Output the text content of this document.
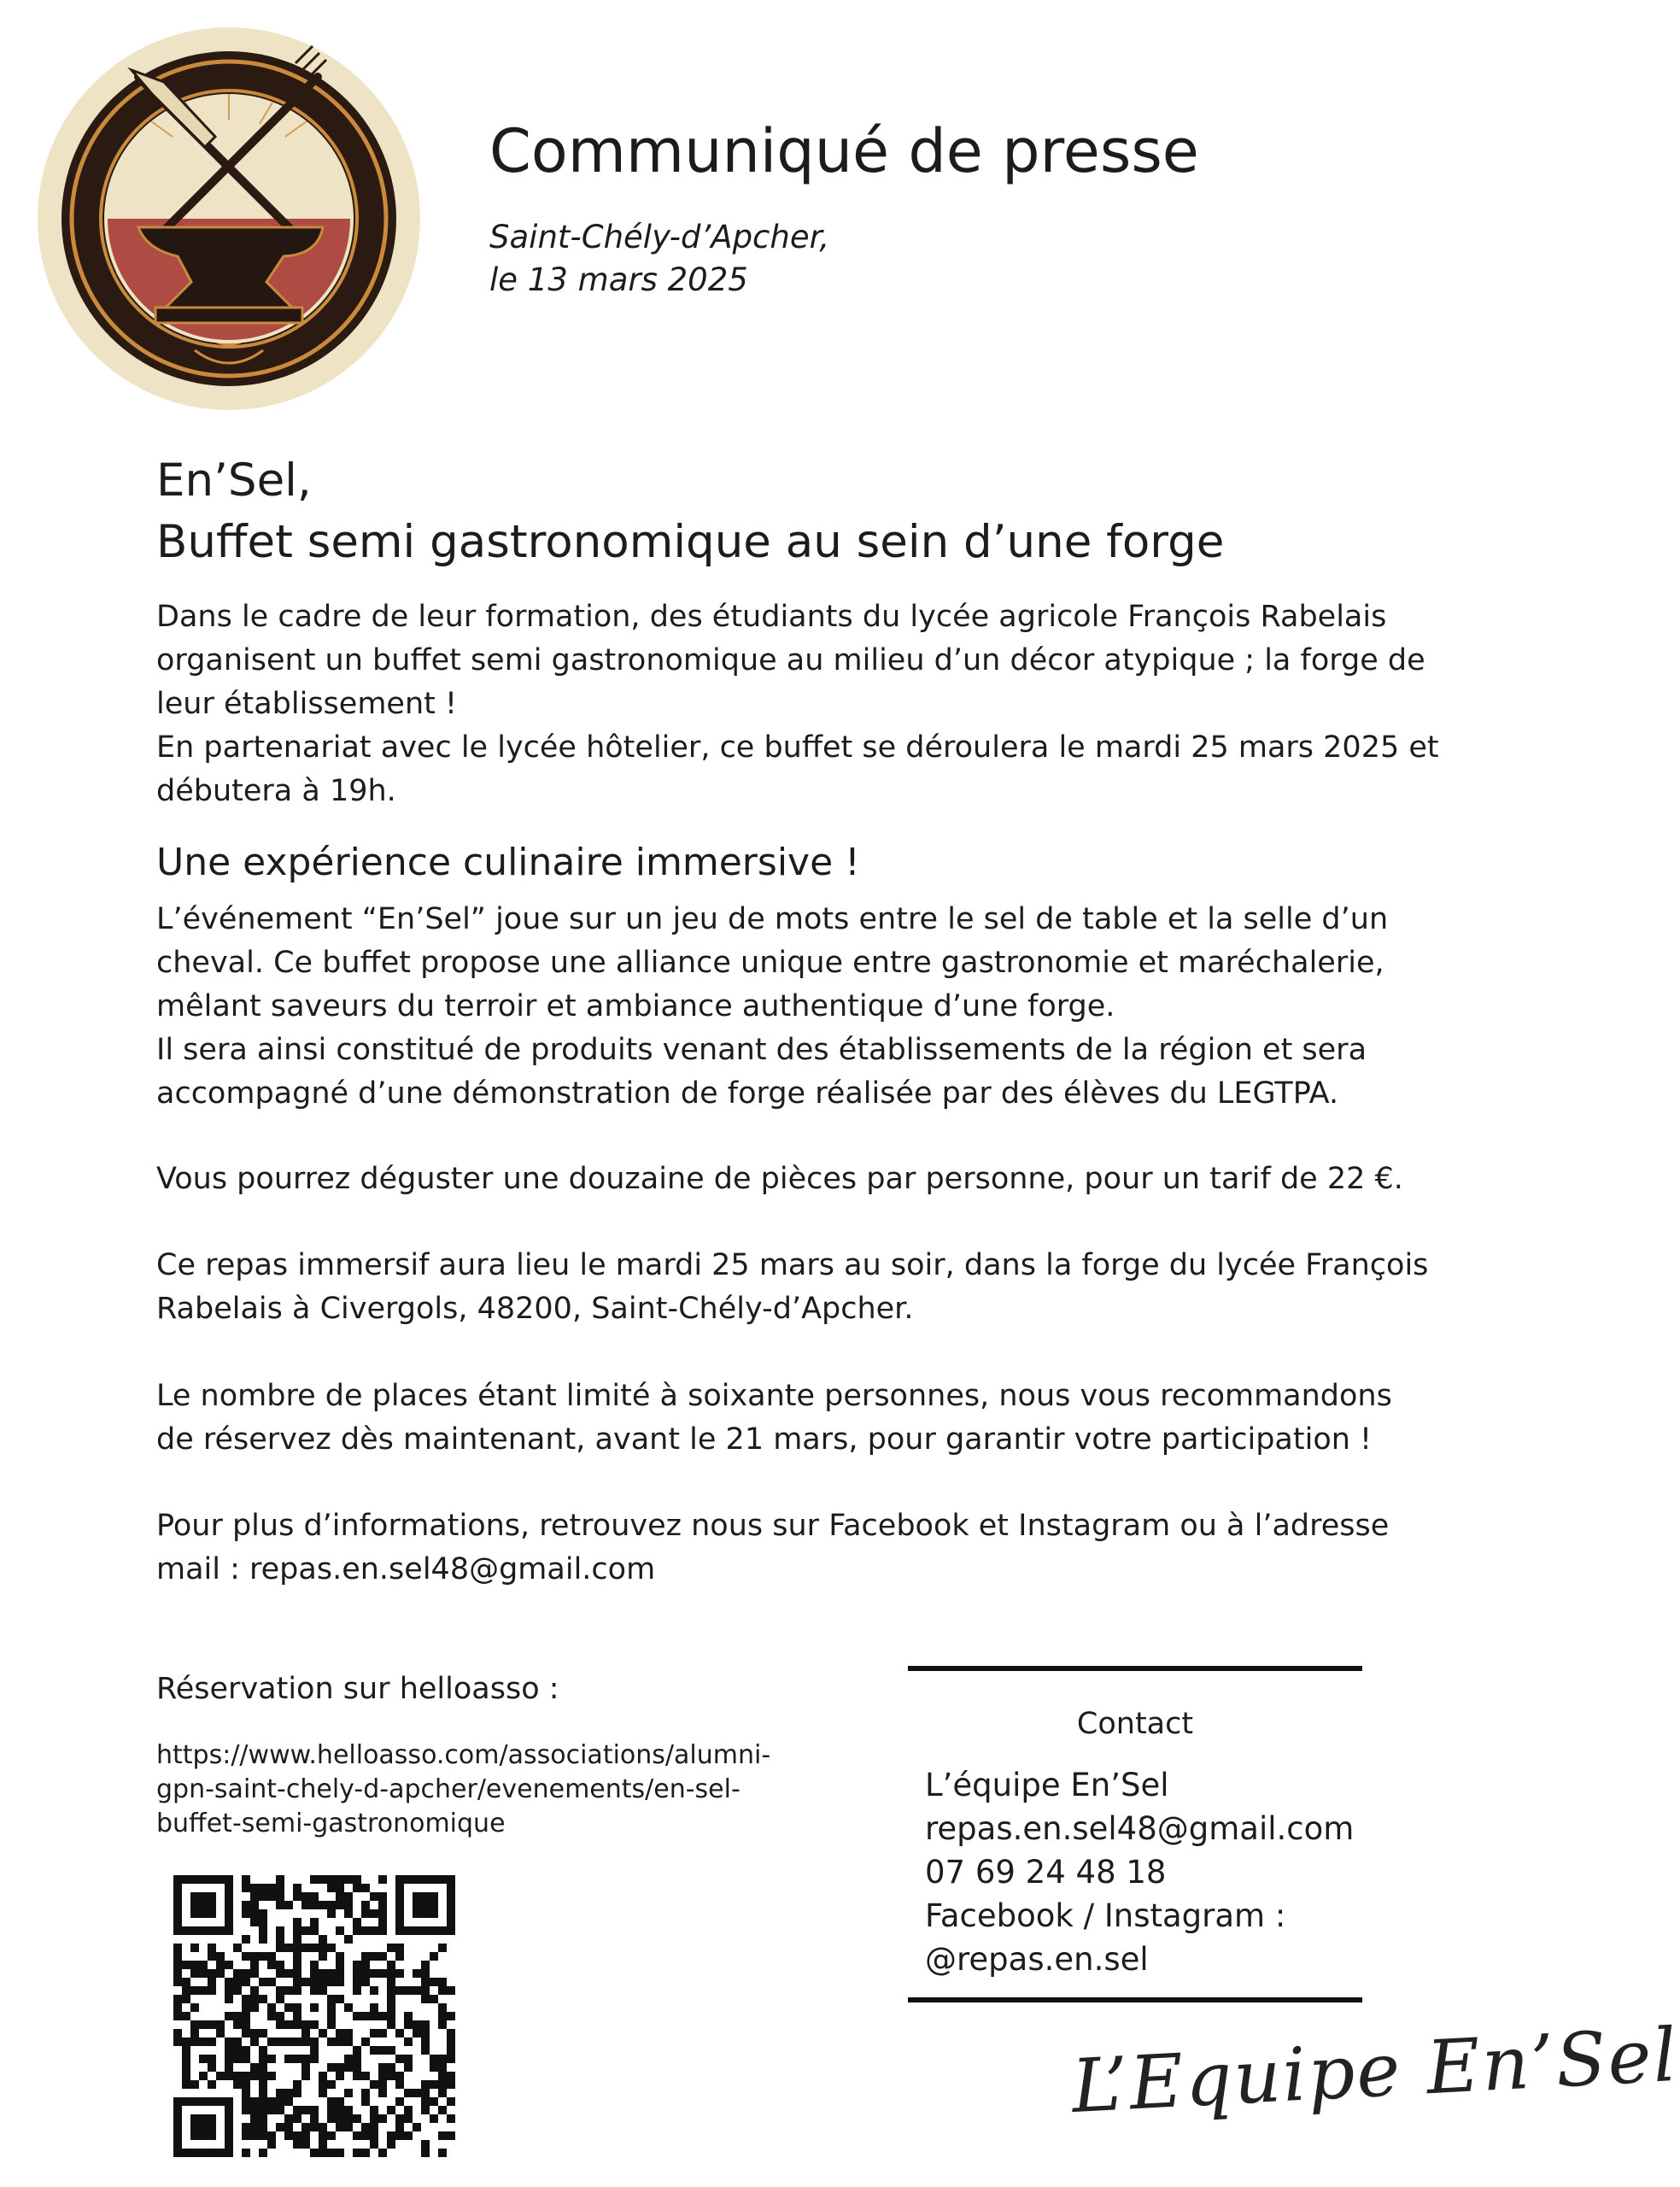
Communiqué de presse
Saint-Chély-d’Apcher,
le 13 mars 2025
En’Sel,
Buffet semi gastronomique au sein d’une forge
Dans le cadre de leur formation, des étudiants du lycée agricole François Rabelais
organisent un buffet semi gastronomique au milieu d’un décor atypique ; la forge de
leur établissement !
En partenariat avec le lycée hôtelier, ce buffet se déroulera le mardi 25 mars 2025 et
débutera à 19h.
Une expérience culinaire immersive !
L’événement “En’Sel” joue sur un jeu de mots entre le sel de table et la selle d’un
cheval. Ce buffet propose une alliance unique entre gastronomie et maréchalerie,
mêlant saveurs du terroir et ambiance authentique d’une forge.
Il sera ainsi constitué de produits venant des établissements de la région et sera
accompagné d’une démonstration de forge réalisée par des élèves du LEGTPA.
Vous pourrez déguster une douzaine de pièces par personne, pour un tarif de 22 €.
Ce repas immersif aura lieu le mardi 25 mars au soir, dans la forge du lycée François
Rabelais à Civergols, 48200, Saint-Chély-d’Apcher.
Le nombre de places étant limité à soixante personnes, nous vous recommandons
de réservez dès maintenant, avant le 21 mars, pour garantir votre participation !
Pour plus d’informations, retrouvez nous sur Facebook et Instagram ou à l’adresse
mail : repas.en.sel48@gmail.com
Réservation sur helloasso :
https://www.helloasso.com/associations/alumni-
gpn-saint-chely-d-apcher/evenements/en-sel-
buffet-semi-gastronomique
Contact
L’équipe En’Sel
repas.en.sel48@gmail.com
07 69 24 48 18
Facebook / Instagram :
@repas.en.sel
L’Equipe En’Sel
